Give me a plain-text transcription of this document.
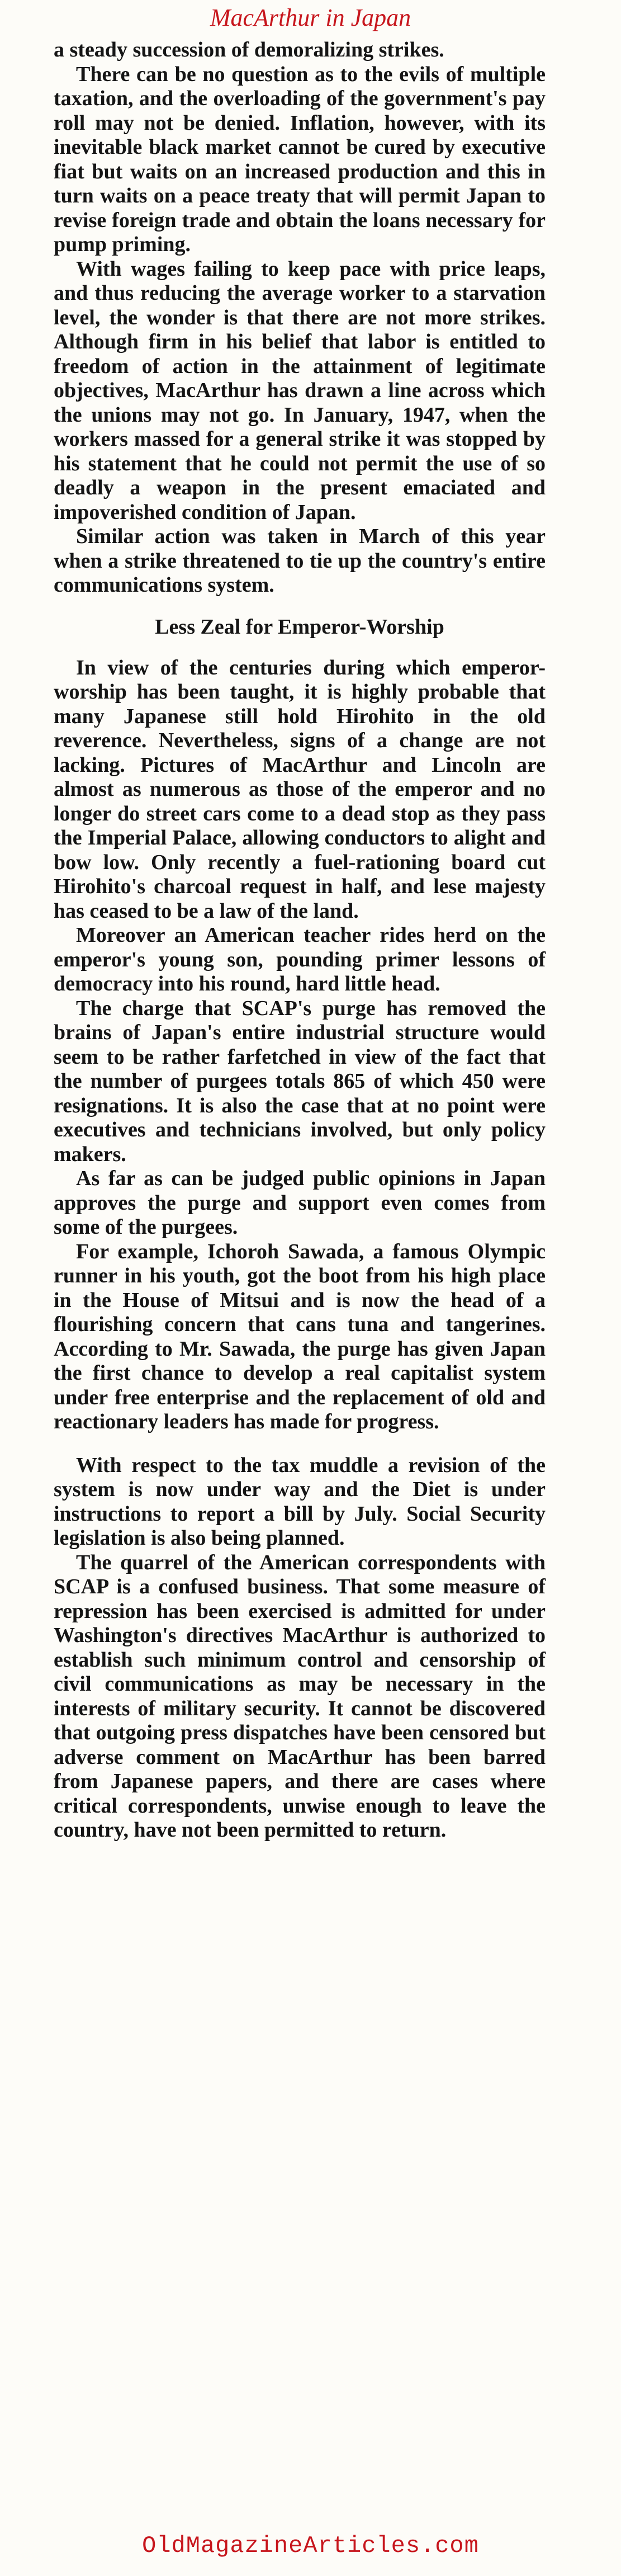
MacArthur in Japan

a steady succession of demoralizing strikes.

There can be no question as to the evils of multiple taxation, and the overloading of the government's pay roll may not be denied. Inflation, however, with its inevitable black market cannot be cured by executive fiat but waits on an increased production and this in turn waits on a peace treaty that will permit Japan to revise foreign trade and obtain the loans necessary for pump priming.

With wages failing to keep pace with price leaps, and thus reducing the average worker to a starvation level, the wonder is that there are not more strikes. Although firm in his belief that labor is entitled to freedom of action in the attainment of legitimate objectives, MacArthur has drawn a line across which the unions may not go. In January, 1947, when the workers massed for a general strike it was stopped by his statement that he could not permit the use of so deadly a weapon in the present emaciated and impoverished condition of Japan.

Similar action was taken in March of this year when a strike threatened to tie up the country's entire communications system.

Less Zeal for Emperor-Worship

In view of the centuries during which emperor-worship has been taught, it is highly probable that many Japanese still hold Hirohito in the old reverence. Nevertheless, signs of a change are not lacking. Pictures of MacArthur and Lincoln are almost as numerous as those of the emperor and no longer do street cars come to a dead stop as they pass the Imperial Palace, allowing conductors to alight and bow low. Only recently a fuel-rationing board cut Hirohito's charcoal request in half, and lese majesty has ceased to be a law of the land.

Moreover an American teacher rides herd on the emperor's young son, pounding primer lessons of democracy into his round, hard little head.

The charge that SCAP's purge has removed the brains of Japan's entire industrial structure would seem to be rather farfetched in view of the fact that the number of purgees totals 865 of which 450 were resignations. It is also the case that at no point were executives and technicians involved, but only policy makers.

As far as can be judged public opinions in Japan approves the purge and support even comes from some of the purgees.

For example, Ichoroh Sawada, a famous Olympic runner in his youth, got the boot from his high place in the House of Mitsui and is now the head of a flourishing concern that cans tuna and tangerines. According to Mr. Sawada, the purge has given Japan the first chance to develop a real capitalist system under free enterprise and the replacement of old and reactionary leaders has made for progress.

With respect to the tax muddle a revision of the system is now under way and the Diet is under instructions to report a bill by July. Social Security legislation is also being planned.

The quarrel of the American correspondents with SCAP is a confused business. That some measure of repression has been exercised is admitted for under Washington's directives MacArthur is authorized to establish such minimum control and censorship of civil communications as may be necessary in the interests of military security. It cannot be discovered that outgoing press dispatches have been censored but adverse comment on MacArthur has been barred from Japanese papers, and there are cases where critical correspondents, unwise enough to leave the country, have not been permitted to return.

OldMagazineArticles.com
